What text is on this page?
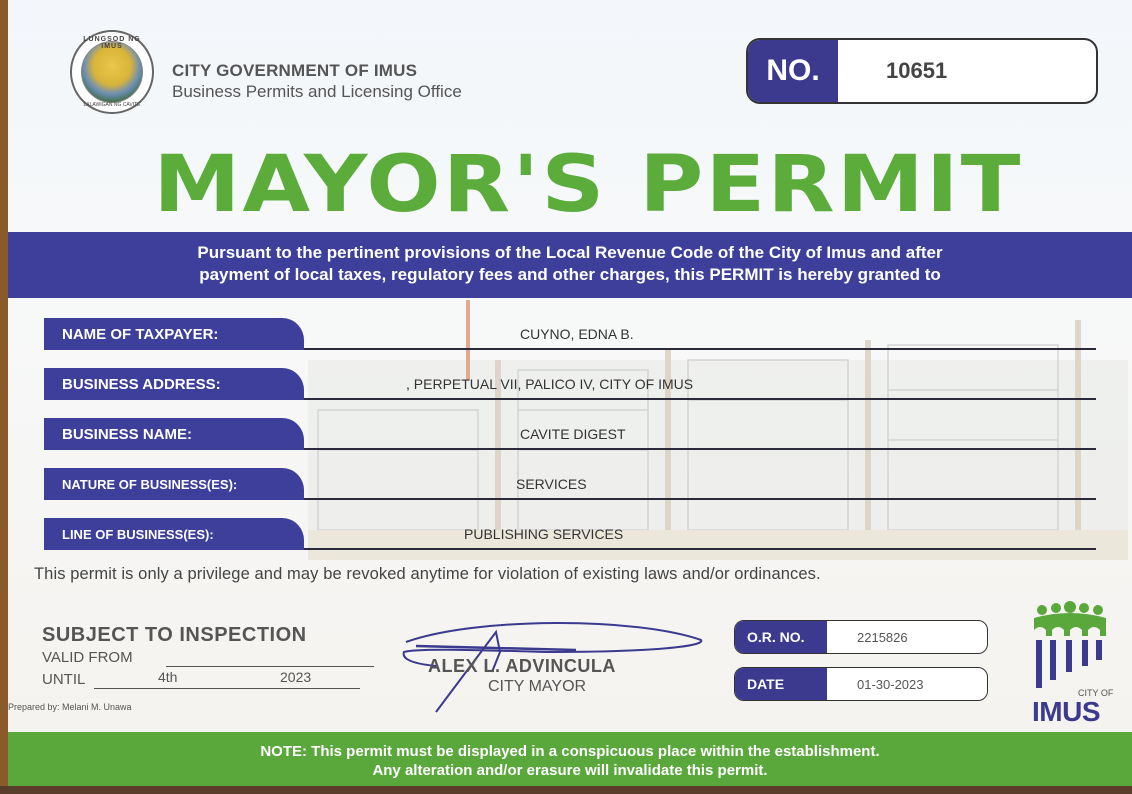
LUNGSOD NG IMUS
LALAWIGAN NG CAVITE
CITY GOVERNMENT OF IMUS
Business Permits and Licensing Office
NO.	10651
MAYOR'S PERMIT
Pursuant to the pertinent provisions of the Local Revenue Code of the City of Imus and after
payment of local taxes, regulatory fees and other charges, this PERMIT is hereby granted to
NAME OF TAXPAYER:	CUYNO, EDNA B.
BUSINESS ADDRESS:	, PERPETUAL VII, PALICO IV, CITY OF IMUS
BUSINESS NAME:	CAVITE DIGEST
NATURE OF BUSINESS(ES):	SERVICES
LINE OF BUSINESS(ES):	PUBLISHING SERVICES
This permit is only a privilege and may be revoked anytime for violation of existing laws and/or ordinances.
SUBJECT TO INSPECTION
VALID FROM
UNTIL	4th	2023
Prepared by: Melani M. Unawa
ALEX L. ADVINCULA
CITY MAYOR
O.R. NO.	2215826
DATE	01-30-2023
CITY OF
IMUS
NOTE: This permit must be displayed in a conspicuous place within the establishment.
Any alteration and/or erasure will invalidate this permit.
